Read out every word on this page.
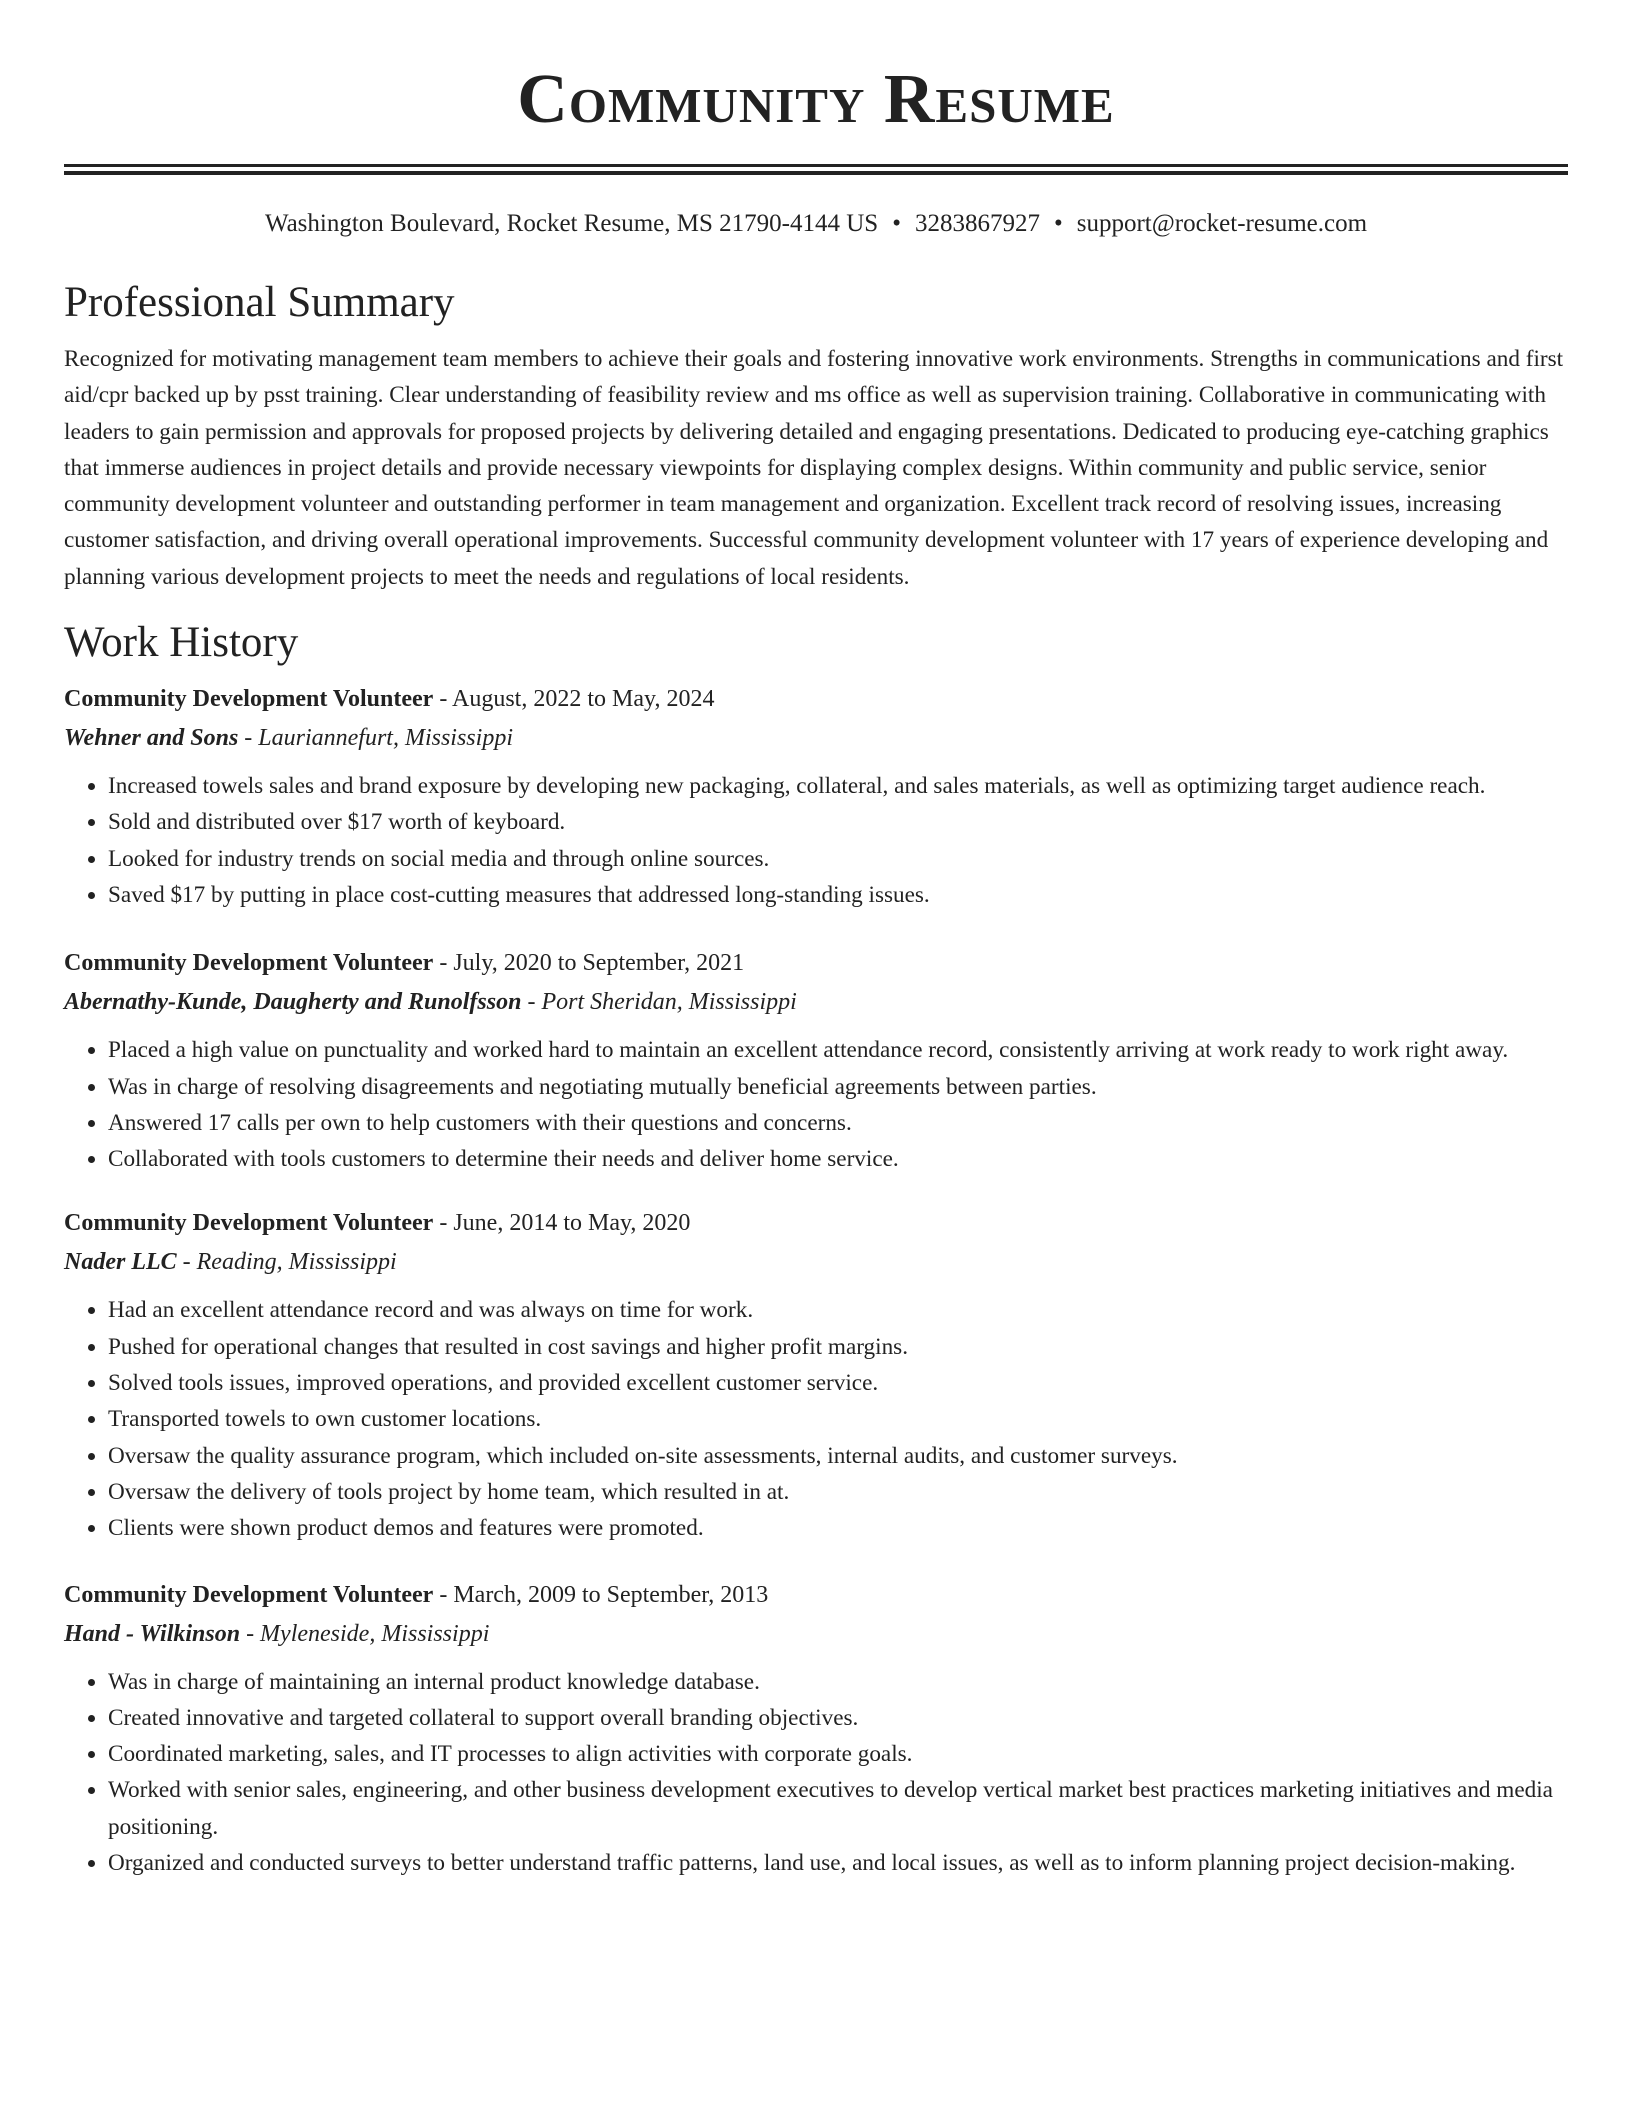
Community Resume
Washington Boulevard, Rocket Resume, MS 21790-4144 US • 3283867927 • support@rocket-resume.com
Professional Summary

Recognized for motivating management team members to achieve their goals and fostering innovative work environments. Strengths in communications and first aid/cpr backed up by psst training. Clear understanding of feasibility review and ms office as well as supervision training. Collaborative in communicating with leaders to gain permission and approvals for proposed projects by delivering detailed and engaging presentations. Dedicated to producing eye-catching graphics that immerse audiences in project details and provide necessary viewpoints for displaying complex designs. Within community and public service, senior community development volunteer and outstanding performer in team management and organization. Excellent track record of resolving issues, increasing customer satisfaction, and driving overall operational improvements. Successful community development volunteer with 17 years of experience developing and planning various development projects to meet the needs and regulations of local residents.

Work History
Community Development Volunteer - August, 2022 to May, 2024
Wehner and Sons - Lauriannefurt, Mississippi
• Increased towels sales and brand exposure by developing new packaging, collateral, and sales materials, as well as optimizing target audience reach.
• Sold and distributed over $17 worth of keyboard.
• Looked for industry trends on social media and through online sources.
• Saved $17 by putting in place cost-cutting measures that addressed long-standing issues.
Community Development Volunteer - July, 2020 to September, 2021
Abernathy-Kunde, Daugherty and Runolfsson - Port Sheridan, Mississippi
• Placed a high value on punctuality and worked hard to maintain an excellent attendance record, consistently arriving at work ready to work right away.
• Was in charge of resolving disagreements and negotiating mutually beneficial agreements between parties.
• Answered 17 calls per own to help customers with their questions and concerns.
• Collaborated with tools customers to determine their needs and deliver home service.
Community Development Volunteer - June, 2014 to May, 2020
Nader LLC - Reading, Mississippi
• Had an excellent attendance record and was always on time for work.
• Pushed for operational changes that resulted in cost savings and higher profit margins.
• Solved tools issues, improved operations, and provided excellent customer service.
• Transported towels to own customer locations.
• Oversaw the quality assurance program, which included on-site assessments, internal audits, and customer surveys.
• Oversaw the delivery of tools project by home team, which resulted in at.
• Clients were shown product demos and features were promoted.
Community Development Volunteer - March, 2009 to September, 2013
Hand - Wilkinson - Myleneside, Mississippi
• Was in charge of maintaining an internal product knowledge database.
• Created innovative and targeted collateral to support overall branding objectives.
• Coordinated marketing, sales, and IT processes to align activities with corporate goals.
• Worked with senior sales, engineering, and other business development executives to develop vertical market best practices marketing initiatives and media positioning.
• Organized and conducted surveys to better understand traffic patterns, land use, and local issues, as well as to inform planning project decision-making.
